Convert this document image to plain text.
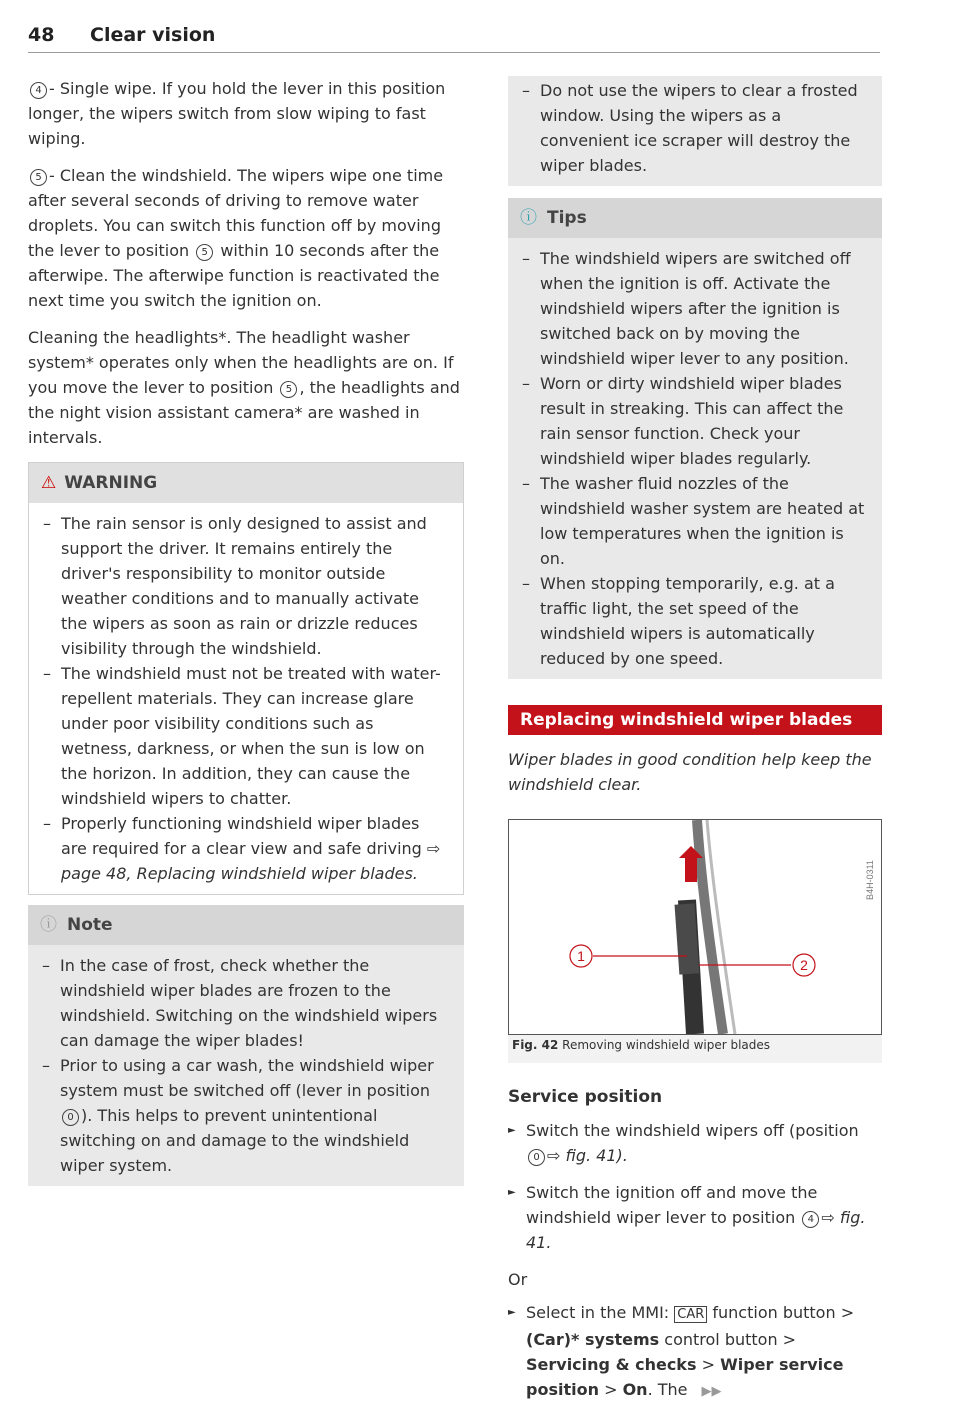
48 Clear vision

4 - Single wipe. If you hold the lever in this position longer, the wipers switch from slow wiping to fast wiping.

5 - Clean the windshield. The wipers wipe one time after several seconds of driving to remove water droplets. You can switch this function off by moving the lever to position 5 within 10 seconds after the afterwipe. The afterwipe function is reactivated the next time you switch the ignition on.

Cleaning the headlights*. The headlight washer system* operates only when the headlights are on. If you move the lever to position 5 , the headlights and the night vision assistant camera* are washed in intervals.

⚠ WARNING
– The rain sensor is only designed to assist and support the driver. It remains entirely the driver's responsibility to monitor outside weather conditions and to manually activate the wipers as soon as rain or drizzle reduces visibility through the windshield.
– The windshield must not be treated with water-repellent materials. They can increase glare under poor visibility conditions such as wetness, darkness, or when the sun is low on the horizon. In addition, they can cause the windshield wipers to chatter.
– Properly functioning windshield wiper blades are required for a clear view and safe driving ⇨ page 48, Replacing windshield wiper blades.
ⓘ Note
– In the case of frost, check whether the windshield wiper blades are frozen to the windshield. Switching on the windshield wipers can damage the wiper blades!
– Prior to using a car wash, the windshield wiper system must be switched off (lever in position0 ). This helps to prevent unintentional switching on and damage to the windshield wiper system.
– Do not use the wipers to clear a frosted window. Using the wipers as a convenient ice scraper will destroy the wiper blades.
ⓘ Tips
– The windshield wipers are switched off when the ignition is off. Activate the windshield wipers after the ignition is switched back on by moving the windshield wiper lever to any position.
– Worn or dirty windshield wiper blades result in streaking. This can affect the rain sensor function. Check your windshield wiper blades regularly.
– The washer fluid nozzles of the windshield washer system are heated at low temperatures when the ignition is on.
– When stopping temporarily, e.g. at a traffic light, the set speed of the windshield wipers is automatically reduced by one speed.
Replacing windshield wiper blades
Wiper blades in good condition help keep the windshield clear.
1
2
B4H-0311
Fig. 42 Removing windshield wiper blades
Service position

► Switch the windshield wipers off (position 0 ⇨ fig. 41).

► Switch the ignition off and move the windshield wiper lever to position 4 ⇨ fig. 41.

Or

► Select in the MMI: CAR function button > (Car)* systems control button > Servicing & checks > Wiper service position > On. The ▶▶
